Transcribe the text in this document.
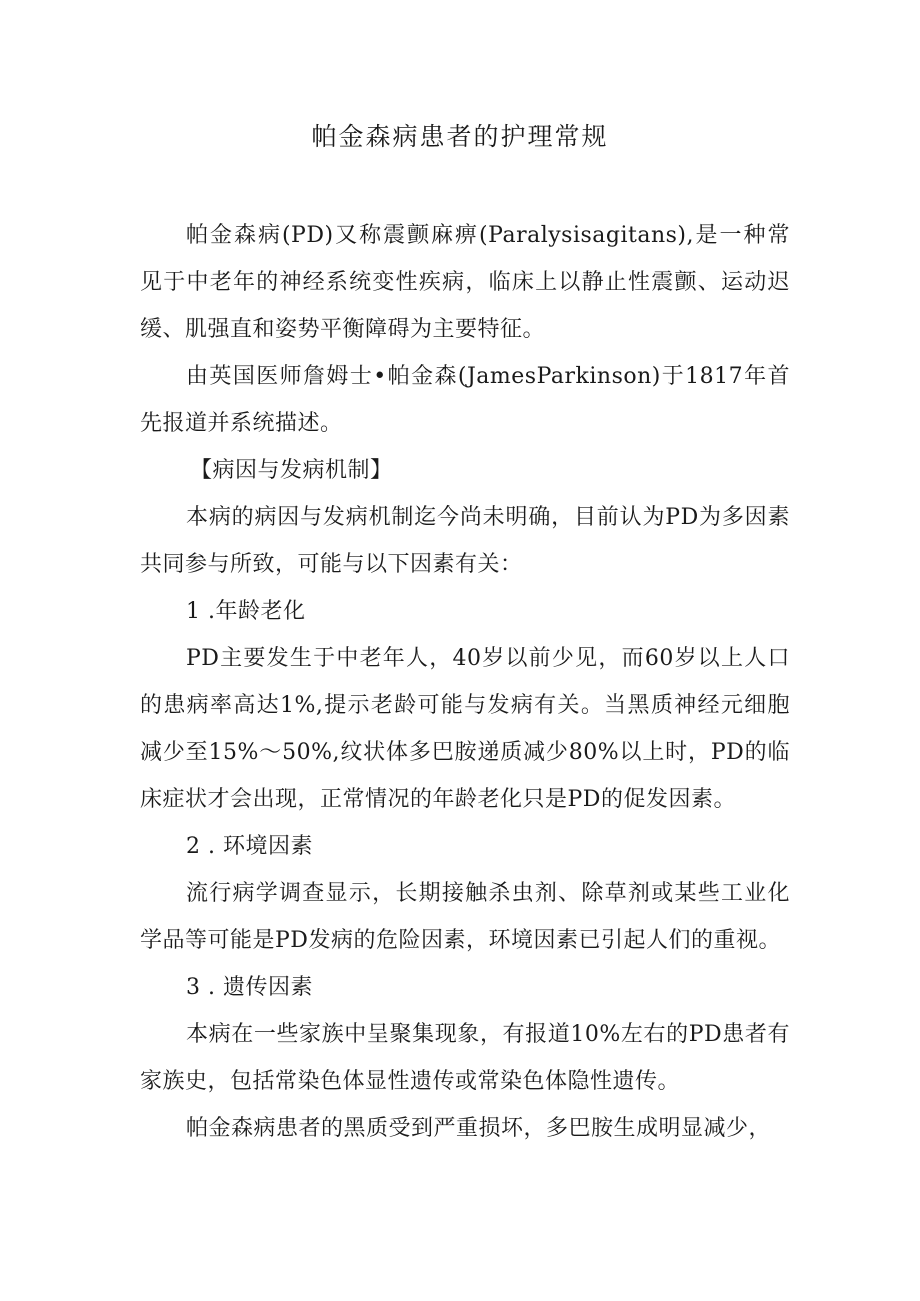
帕金森病患者的护理常规

帕金森病(PD)又称震颤麻痹(Paralysisagitans),是一种常见于中老年的神经系统变性疾病，临床上以静止性震颤、运动迟缓、肌强直和姿势平衡障碍为主要特征。

由英国医师詹姆士•帕金森(JamesParkinson)于1817年首先报道并系统描述。

【病因与发病机制】

本病的病因与发病机制迄今尚未明确，目前认为PD为多因素共同参与所致，可能与以下因素有关：

1 .年龄老化

PD主要发生于中老年人，40岁以前少见，而60岁以上人口的患病率高达1%,提示老龄可能与发病有关。当黑质神经元细胞减少至15%～50%,纹状体多巴胺递质减少80%以上时，PD的临床症状才会出现，正常情况的年龄老化只是PD的促发因素。

2 . 环境因素

流行病学调查显示，长期接触杀虫剂、除草剂或某些工业化学品等可能是PD发病的危险因素，环境因素已引起人们的重视。

3 . 遗传因素

本病在一些家族中呈聚集现象，有报道10%左右的PD患者有家族史，包括常染色体显性遗传或常染色体隐性遗传。

帕金森病患者的黑质受到严重损坏，多巴胺生成明显减少，
